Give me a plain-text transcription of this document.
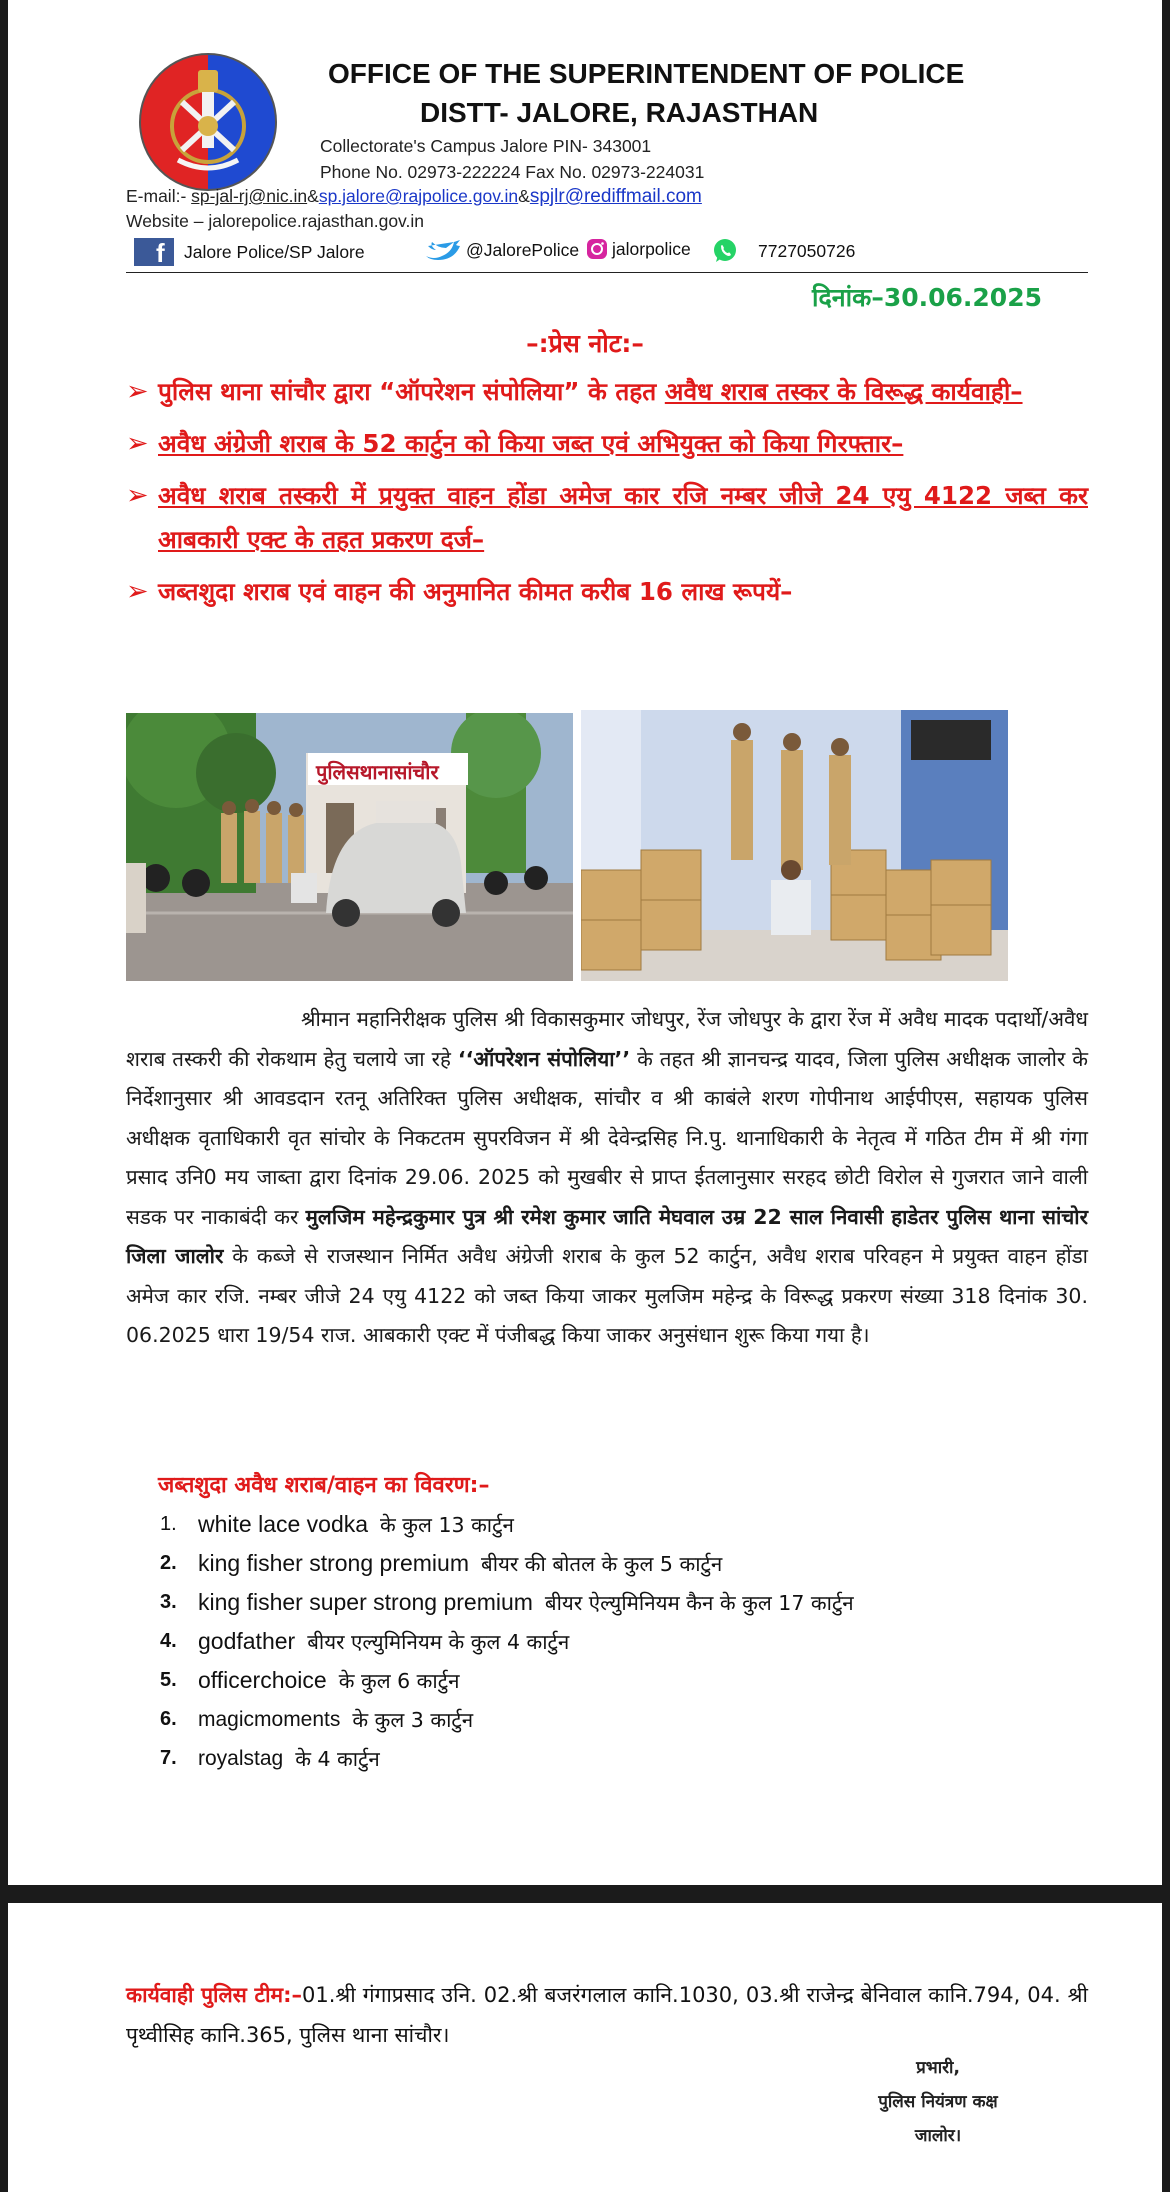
OFFICE OF THE SUPERINTENDENT OF POLICE
DISTT- JALORE, RAJASTHAN
Collectorate's Campus Jalore PIN- 343001
Phone No. 02973-222224 Fax No. 02973-224031
E-mail:- sp-jal-rj@nic.in&sp.jalore@rajpolice.gov.in&spjlr@rediffmail.com
Website – jalorepolice.rajasthan.gov.in
f Jalore Police/SP Jalore	@JalorePolice jalorpolice	7727050726
दिनांक–30.06.2025
–:प्रेस नोट:–
➢ पुलिस थाना सांचौर द्वारा “ऑपरेशन संपोलिया” के तहत अवैध शराब तस्कर के विरूद्ध कार्यवाही–
➢ अवैध अंग्रेजी शराब के 52 कार्टुन को किया जब्त एवं अभियुक्त को किया गिरफ्तार–
➢ अवैध शराब तस्करी में प्रयुक्त वाहन होंडा अमेज कार रजि नम्बर जीजे 24 एयु 4122 जब्त कर आबकारी एक्ट के तहत प्रकरण दर्ज–
➢ जब्तशुदा शराब एवं वाहन की अनुमानित कीमत करीब 16 लाख रूपयें–
पुलिसथानासांचौर
श्रीमान महानिरीक्षक पुलिस श्री विकासकुमार जोधपुर, रेंज जोधपुर के द्वारा रेंज में अवैध मादक पदार्थो/अवैध शराब तस्करी की रोकथाम हेतु चलाये जा रहे ‘‘ऑपरेशन संपोलिया’’ के तहत श्री ज्ञानचन्द्र यादव, जिला पुलिस अधीक्षक जालोर के निर्देशानुसार श्री आवडदान रतनू अतिरिक्त पुलिस अधीक्षक, सांचौर व श्री काबंले शरण गोपीनाथ आईपीएस, सहायक पुलिस अधीक्षक वृताधिकारी वृत सांचोर के निकटतम सुपरविजन में श्री देवेन्द्रसिह नि.पु. थानाधिकारी के नेतृत्व में गठित टीम में श्री गंगा प्रसाद उनि0 मय जाब्ता द्वारा दिनांक 29.06. 2025 को मुखबीर से प्राप्त ईतलानुसार सरहद छोटी विरोल से गुजरात जाने वाली सडक पर नाकाबंदी कर मुलजिम महेन्द्रकुमार पुत्र श्री रमेश कुमार जाति मेघवाल उम्र 22 साल निवासी हाडेतर पुलिस थाना सांचोर जिला जालोर के कब्जे से राजस्थान निर्मित अवैध अंग्रेजी शराब के कुल 52 कार्टुन, अवैध शराब परिवहन मे प्रयुक्त वाहन होंडा अमेज कार रजि. नम्बर जीजे 24 एयु 4122 को जब्त किया जाकर मुलजिम महेन्द्र के विरूद्ध प्रकरण संख्या 318 दिनांक 30. 06.2025 धारा 19/54 राज. आबकारी एक्ट में पंजीबद्ध किया जाकर अनुसंधान शुरू किया गया है।
जब्तशुदा अवैध शराब/वाहन का विवरण:–
1. white lace vodka के कुल 13 कार्टुन
2. king fisher strong premium बीयर की बोतल के कुल 5 कार्टुन
3. king fisher super strong premium बीयर ऐल्युमिनियम कैन के कुल 17 कार्टुन
4. godfather बीयर एल्युमिनियम के कुल 4 कार्टुन
5. officerchoice के कुल 6 कार्टुन
6.	magicmoments के कुल 3 कार्टुन
7.	royalstag के 4 कार्टुन
कार्यवाही पुलिस टीम:–01.श्री गंगाप्रसाद उनि. 02.श्री बजरंगलाल कानि.1030, 03.श्री राजेन्द्र बेनिवाल कानि.794, 04. श्री पृथ्वीसिह कानि.365, पुलिस थाना सांचौर।
प्रभारी,
पुलिस नियंत्रण कक्ष
जालोर।
